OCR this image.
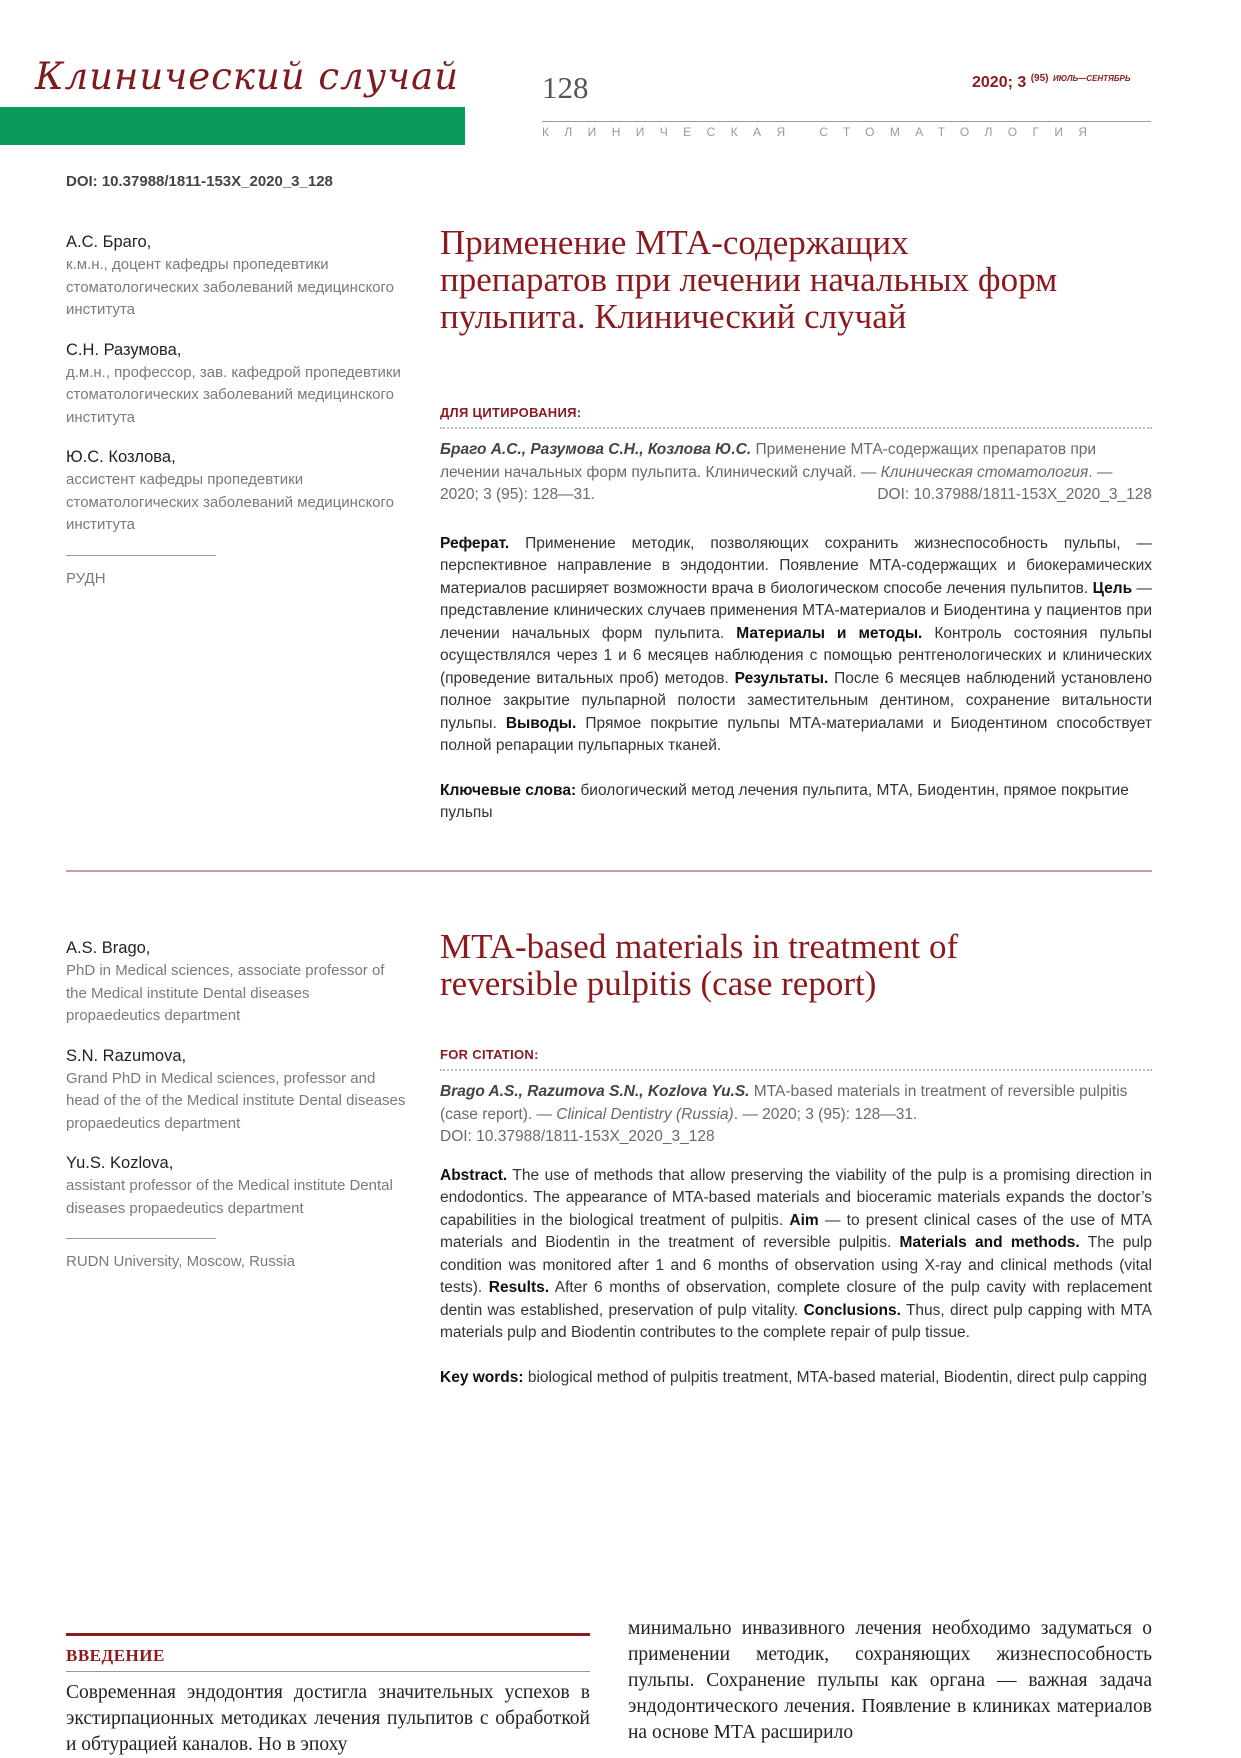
Клинический случай	128	2020; 3 $^{(95)}$ $^{ИЮЛЬ—СЕНТЯБРЬ}$
КЛИНИЧЕСКАЯ СТОМАТОЛОГИЯ
DOI: 10.37988/1811-153X_2020_3_128
А.С. Браго,
к.м.н., доцент кафедры пропедевтики стоматологических заболеваний медицинского института
С.Н. Разумова,
д.м.н., профессор, зав. кафедрой пропедевтики стоматологических заболеваний медицинского института
Ю.С. Козлова,
ассистент кафедры пропедевтики стоматологических заболеваний медицинского института
РУДН
Применение МТА-содержащих препаратов при лечении начальных форм пульпита. Клинический случай
ДЛЯ ЦИТИРОВАНИЯ:
Браго А.С., Разумова С.Н., Козлова Ю.С. Применение МТА-содержащих препаратов при лечении начальных форм пульпита. Клинический случай. — Клиническая стоматология. — 2020; 3 (95): 128—31.	DOI: 10.37988/1811-153X_2020_3_128
Реферат. Применение методик, позволяющих сохранить жизнеспособность пульпы, — перспективное направление в эндодонтии. Появление МТА-содержащих и биокерамических материалов расширяет возможности врача в биологическом способе лечения пульпитов. Цель — представление клинических случаев применения МТА-материалов и Биодентина у пациентов при лечении начальных форм пульпита. Материалы и методы. Контроль состояния пульпы осуществлялся через 1 и 6 месяцев наблюдения с помощью рентгенологических и клинических (проведение витальных проб) методов. Результаты. После 6 месяцев наблюдений установлено полное закрытие пульпарной полости заместительным дентином, сохранение витальности пульпы. Выводы. Прямое покрытие пульпы МТА-материалами и Биодентином способствует полной репарации пульпарных тканей.
Ключевые слова: биологический метод лечения пульпита, МТА, Биодентин, прямое покрытие пульпы
A.S. Brago,
PhD in Medical sciences, associate professor of the Medical institute Dental diseases propaedeutics department
S.N. Razumova,
Grand PhD in Medical sciences, professor and head of the of the Medical institute Dental diseases propaedeutics department
Yu.S. Kozlova,
assistant professor of the Medical institute Dental diseases propaedeutics department
RUDN University, Moscow, Russia
MTA-based materials in treatment of reversible pulpitis (case report)
FOR CITATION:
Brago A.S., Razumova S.N., Kozlova Yu.S. MTA-based materials in treatment of reversible pulpitis (case report). — Clinical Dentistry (Russia). — 2020; 3 (95): 128—31.
DOI: 10.37988/1811-153X_2020_3_128
Abstract. The use of methods that allow preserving the viability of the pulp is a promising direction in endodontics. The appearance of MTA-based materials and bioceramic materials expands the doctor’s capabilities in the biological treatment of pulpitis. Aim — to present clinical cases of the use of MTA materials and Biodentin in the treatment of reversible pulpitis. Materials and methods. The pulp condition was monitored after 1 and 6 months of observation using X-ray and clinical methods (vital tests). Results. After 6 months of observation, complete closure of the pulp cavity with replacement dentin was established, preservation of pulp vitality. Conclusions. Thus, direct pulp capping with MTA materials pulp and Biodentin contributes to the complete repair of pulp tissue.
Key words: biological method of pulpitis treatment, MTA-based material, Biodentin, direct pulp capping
ВВЕДЕНИЕ
Современная эндодонтия достигла значительных успехов в экстирпационных методиках лечения пульпитов с обработкой и обтурацией каналов. Но в эпоху
минимально инвазивного лечения необходимо задуматься о применении методик, сохраняющих жизнеспособность пульпы. Сохранение пульпы как органа — важная задача эндодонтического лечения. Появление в клиниках материалов на основе МТА расширило
